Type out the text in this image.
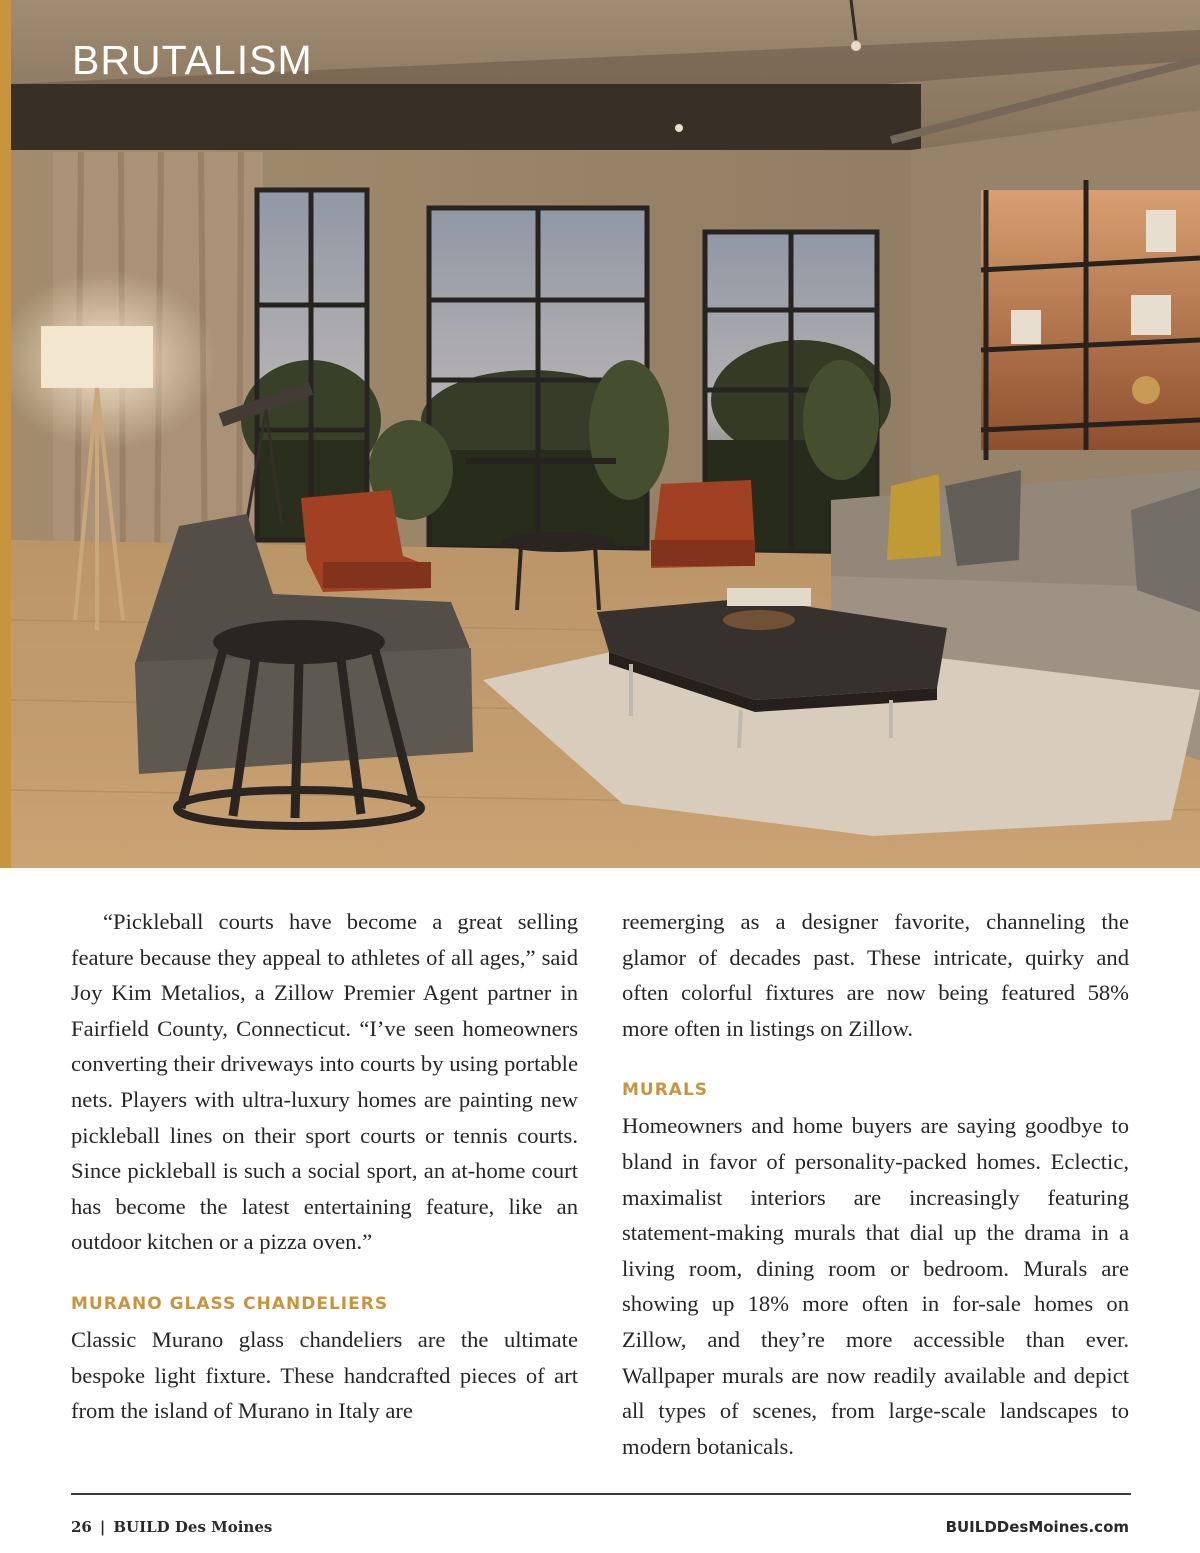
BRUTALISM

“Pickleball courts have become a great selling feature because they appeal to athletes of all ages,” said Joy Kim Metalios, a Zillow Premier Agent partner in Fairfield County, Connecticut. “I’ve seen homeowners converting their driveways into courts by using portable nets. Players with ultra-luxury homes are painting new pickleball lines on their sport courts or tennis courts. Since pickleball is such a social sport, an at-home court has become the latest entertaining feature, like an outdoor kitchen or a pizza oven.”

MURANO GLASS CHANDELIERS

Classic Murano glass chandeliers are the ultimate bespoke light fixture. These handcrafted pieces of art from the island of Murano in Italy are

reemerging as a designer favorite, channeling the glamor of decades past. These intricate, quirky and often colorful fixtures are now being featured 58% more often in listings on Zillow.

MURALS

Homeowners and home buyers are saying goodbye to bland in favor of personality-packed homes. Eclectic, maximalist interiors are increasingly featuring statement-making murals that dial up the drama in a living room, dining room or bedroom. Murals are showing up 18% more often in for-sale homes on Zillow, and they’re more accessible than ever. Wallpaper murals are now readily available and depict all types of scenes, from large-scale landscapes to modern botanicals.

26 | BUILD Des Moines	BUILDDesMoines.com
